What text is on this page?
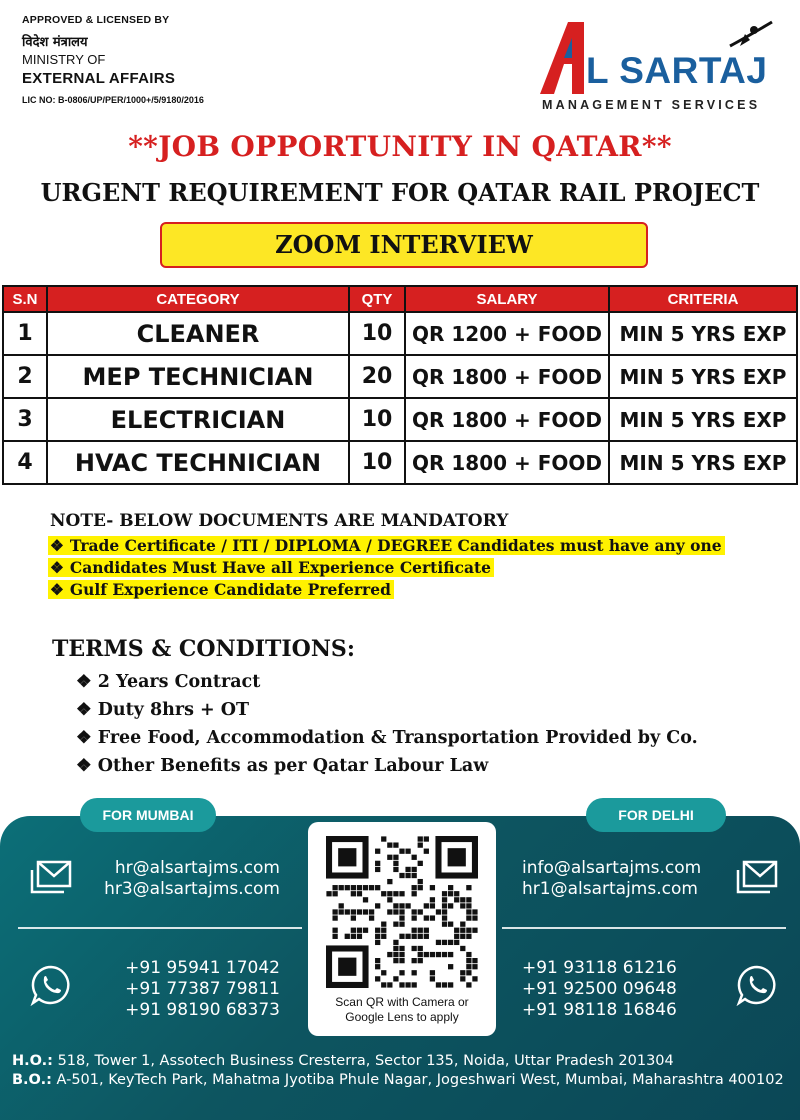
APPROVED & LICENSED BY
विदेश मंत्रालय
MINISTRY OF
EXTERNAL AFFAIRS
LIC NO: B-0806/UP/PER/1000+/5/9180/2016
L SARTAJ
MANAGEMENT SERVICES
**JOB OPPORTUNITY IN QATAR**
URGENT REQUIREMENT FOR QATAR RAIL PROJECT
ZOOM INTERVIEW
S.N	CATEGORY	QTY	SALARY	CRITERIA
1	CLEANER	10	QR 1200 + FOOD	MIN 5 YRS EXP
2	MEP TECHNICIAN	20	QR 1800 + FOOD	MIN 5 YRS EXP
3	ELECTRICIAN	10	QR 1800 + FOOD	MIN 5 YRS EXP
4	HVAC TECHNICIAN	10	QR 1800 + FOOD	MIN 5 YRS EXP
NOTE- BELOW DOCUMENTS ARE MANDATORY
❖ Trade Certificate / ITI / DIPLOMA / DEGREE Candidates must have any one
❖ Candidates Must Have all Experience Certificate
❖ Gulf Experience Candidate Preferred
TERMS & CONDITIONS:
❖ 2 Years Contract
❖ Duty 8hrs + OT
❖ Free Food, Accommodation & Transportation Provided by Co.
❖ Other Benefits as per Qatar Labour Law
FOR MUMBAI	FOR DELHI
hr@alsartajms.com
hr3@alsartajms.com
+91 95941 17042
+91 77387 79811
+91 98190 68373	Scan QR with Camera or
Google Lens to apply
info@alsartajms.com
hr1@alsartajms.com
+91 93118 61216
+91 92500 09648
+91 98118 16846
H.O.: 518, Tower 1, Assotech Business Cresterra, Sector 135, Noida, Uttar Pradesh 201304
B.O.: A-501, KeyTech Park, Mahatma Jyotiba Phule Nagar, Jogeshwari West, Mumbai, Maharashtra 400102
